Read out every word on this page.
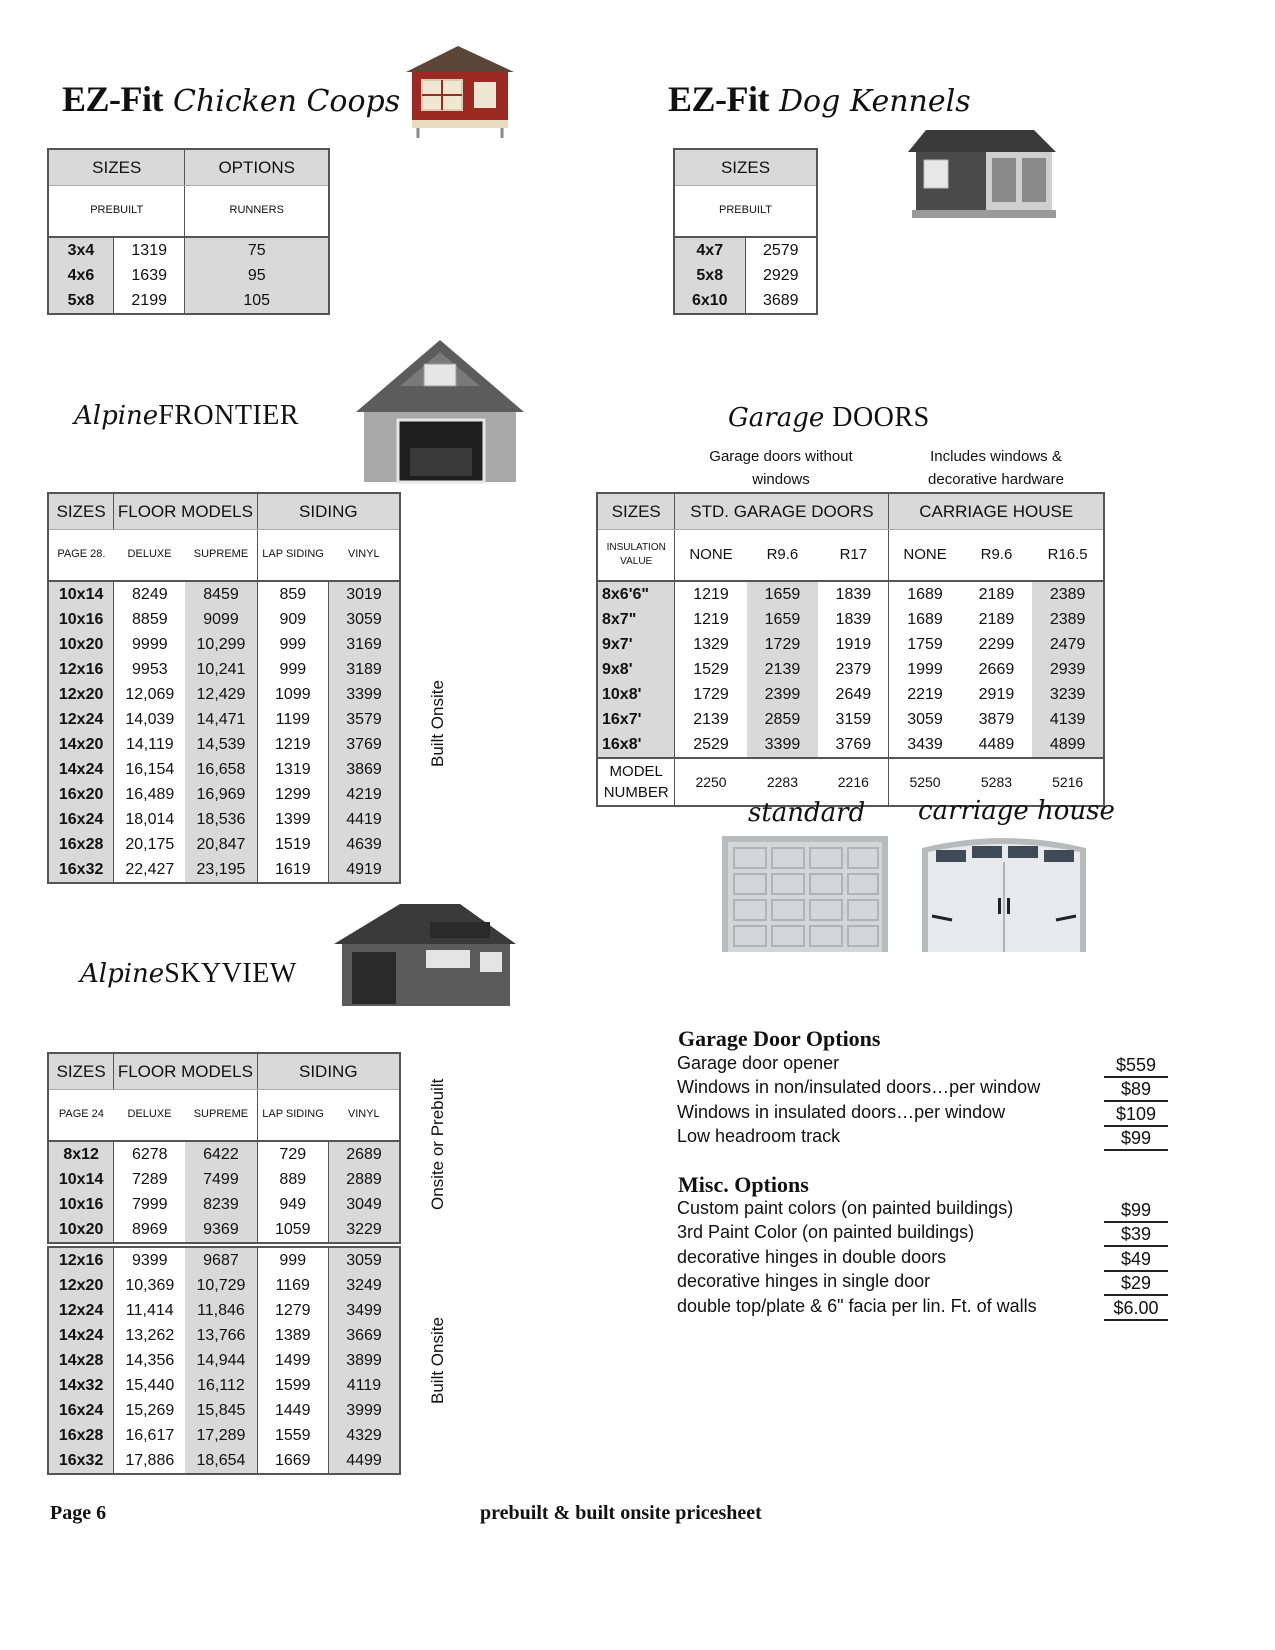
EZ-Fit Chicken Coops
SIZES		OPTIONS
PREBUILT		RUNNERS
3x4	1319	75
4x6	1639	95
5x8	2199	105
EZ-Fit Dog Kennels
SIZES	
PREBUILT	
4x7	2579
5x8	2929
6x10	3689
Alpine FRONTIER
SIZES	FLOOR MODELS		SIDING	
PAGE 28.	DELUXE	SUPREME	LAP SIDING	VINYL
10x14	8249	8459	859	3019
10x16	8859	9099	909	3059
10x20	9999	10,299	999	3169
12x16	9953	10,241	999	3189
12x20	12,069	12,429	1099	3399
12x24	14,039	14,471	1199	3579
14x20	14,119	14,539	1219	3769
14x24	16,154	16,658	1319	3869
16x20	16,489	16,969	1299	4219
16x24	18,014	18,536	1399	4419
16x28	20,175	20,847	1519	4639
16x32	22,427	23,195	1619	4919
Built Onsite
Garage DOORS
Garage doors without windows
Includes windows & decorative hardware
SIZES	STD. GARAGE DOORS			CARRIAGE HOUSE		
INSULATION VALUE	NONE	R9.6	R17	NONE	R9.6	R16.5
8x6'6"	1219	1659	1839	1689	2189	2389
8x7"	1219	1659	1839	1689	2189	2389
9x7'	1329	1729	1919	1759	2299	2479
9x8'	1529	2139	2379	1999	2669	2939
10x8'	1729	2399	2649	2219	2919	3239
16x7'	2139	2859	3159	3059	3879	4139
16x8'	2529	3399	3769	3439	4489	4899
MODEL NUMBER	2250	2283	2216	5250	5283	5216
standard carriage house
Alpine SKYVIEW
SIZES	FLOOR MODELS		SIDING	
PAGE 24	DELUXE	SUPREME	LAP SIDING	VINYL
8x12	6278	6422	729	2689
10x14	7289	7499	889	2889
10x16	7999	8239	949	3049
10x20	8969	9369	1059	3229
Onsite or Prebuilt
12x16	9399	9687	999	3059
12x20	10,369	10,729	1169	3249
12x24	11,414	11,846	1279	3499
14x24	13,262	13,766	1389	3669
14x28	14,356	14,944	1499	3899
14x32	15,440	16,112	1599	4119
16x24	15,269	15,845	1449	3999
16x28	16,617	17,289	1559	4329
16x32	17,886	18,654	1669	4499
Built Onsite
Garage Door Options
Garage door opener	$559
Windows in non/insulated doors…per window	$89
Windows in insulated doors…per window	$109
Low headroom track	$99
Misc. Options
Custom paint colors (on painted buildings)	$99
3rd Paint Color (on painted buildings)	$39
decorative hinges in double doors	$49
decorative hinges in single door	$29
double top/plate & 6" facia per lin. Ft. of walls	$6.00
Page 6	prebuilt & built onsite pricesheet
